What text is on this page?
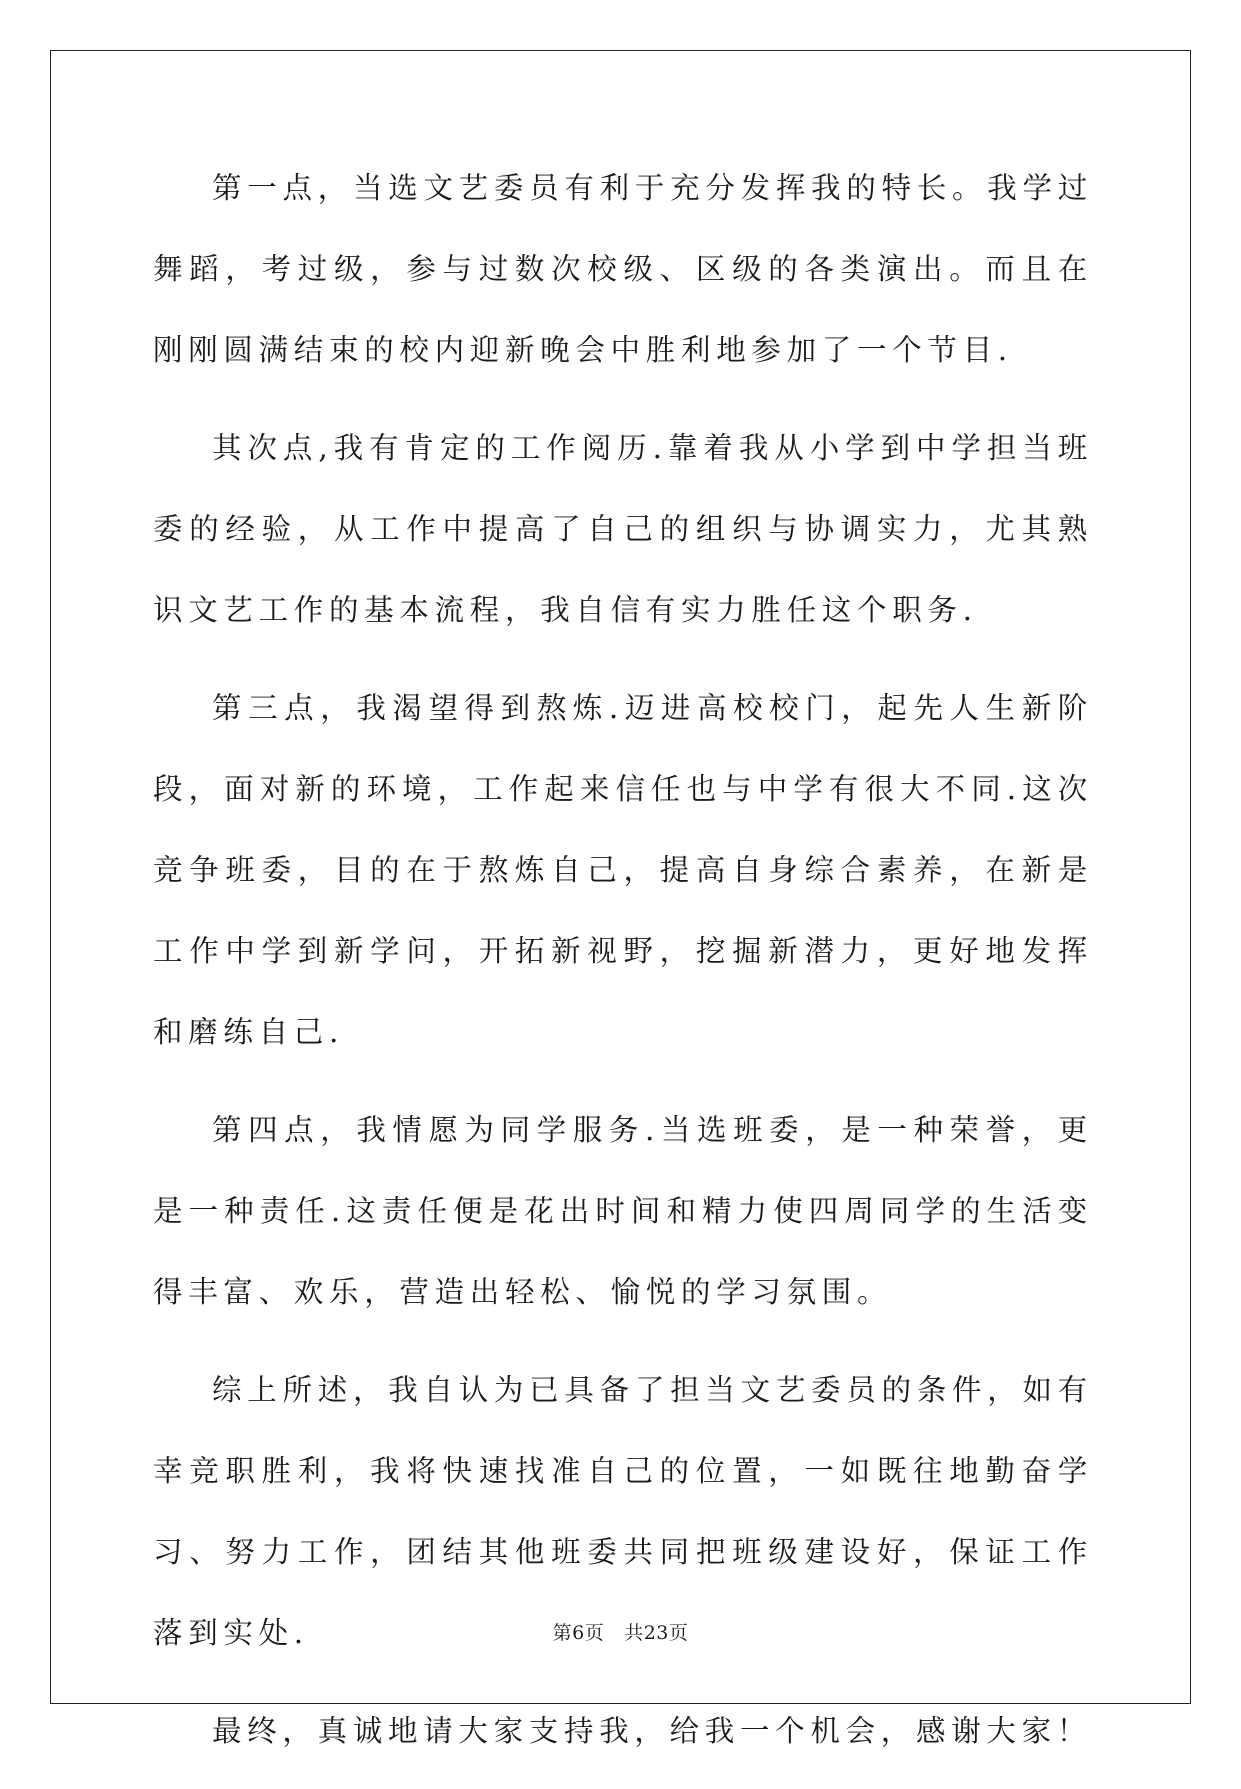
第一点，当选文艺委员有利于充分发挥我的特长。我学过舞蹈，考过级，参与过数次校级、区级的各类演出。而且在刚刚圆满结束的校内迎新晚会中胜利地参加了一个节目.

其次点,我有肯定的工作阅历.靠着我从小学到中学担当班委的经验，从工作中提高了自己的组织与协调实力，尤其熟识文艺工作的基本流程，我自信有实力胜任这个职务.

第三点，我渴望得到熬炼.迈进高校校门，起先人生新阶段，面对新的环境，工作起来信任也与中学有很大不同.这次竞争班委，目的在于熬炼自己，提高自身综合素养，在新是工作中学到新学问，开拓新视野，挖掘新潜力，更好地发挥和磨练自己.

第四点，我情愿为同学服务.当选班委，是一种荣誉，更是一种责任.这责任便是花出时间和精力使四周同学的生活变得丰富、欢乐，营造出轻松、愉悦的学习氛围。

综上所述，我自认为已具备了担当文艺委员的条件，如有幸竞职胜利，我将快速找准自己的位置，一如既往地勤奋学习、努力工作，团结其他班委共同把班级建设好，保证工作落到实处.

最终，真诚地请大家支持我，给我一个机会，感谢大家！

第6页 共23页
